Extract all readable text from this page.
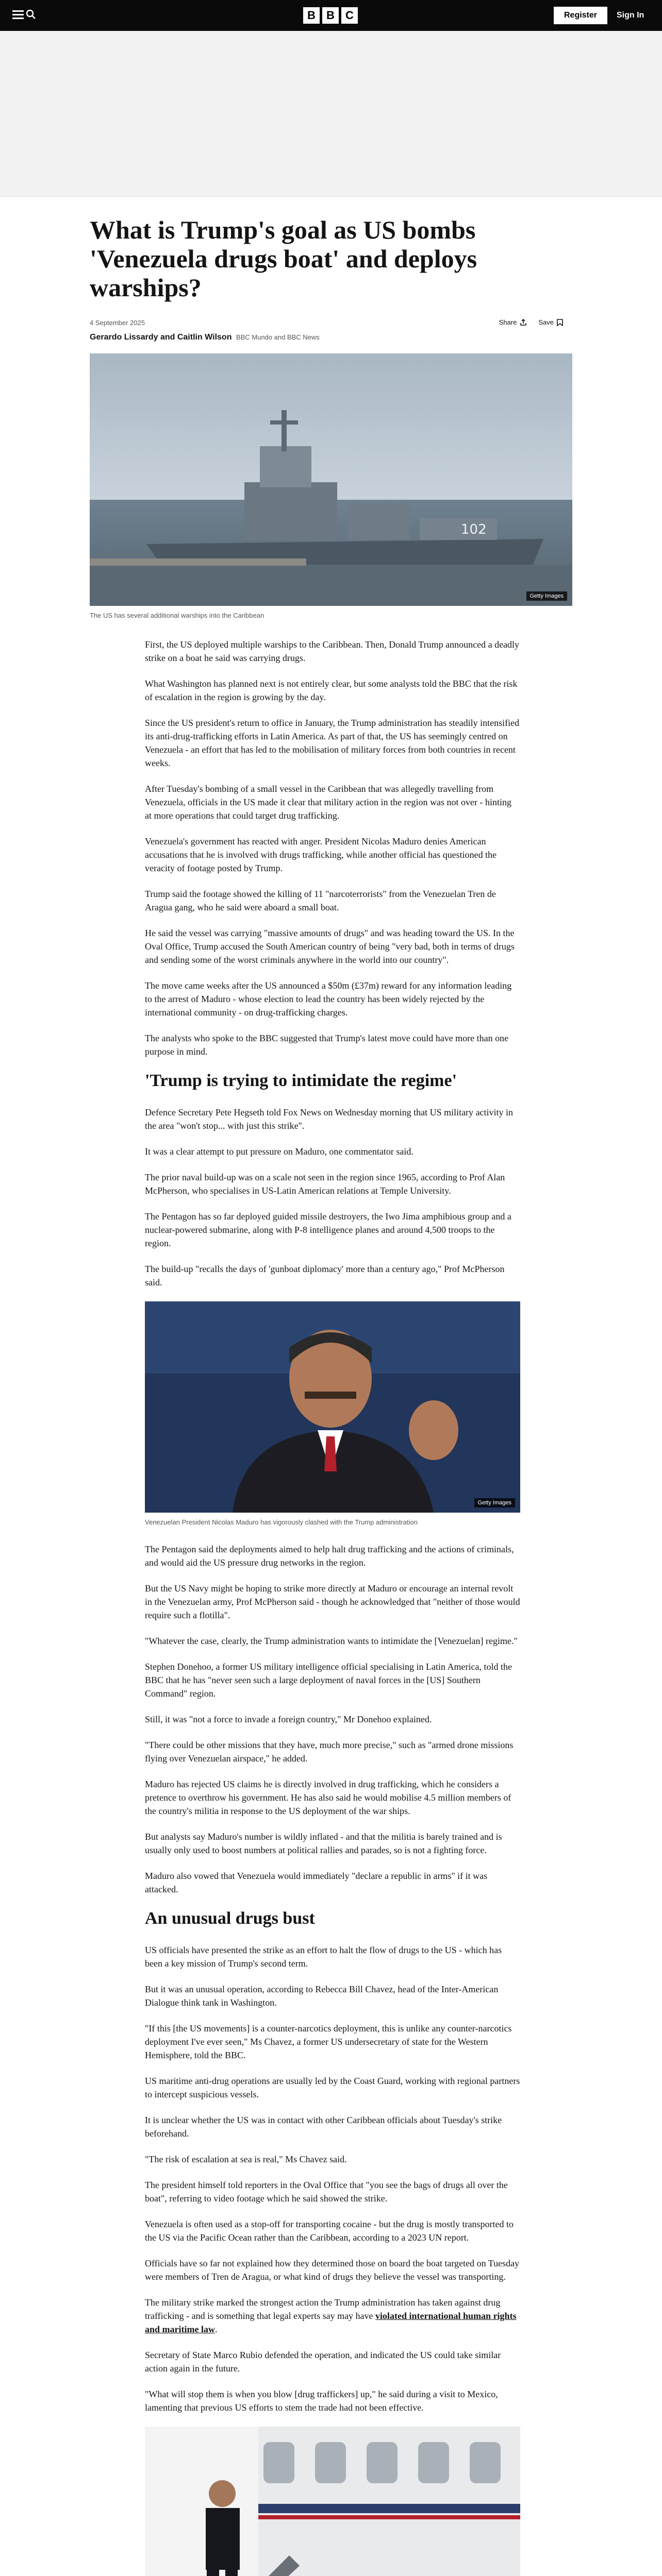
B B C	Register	Sign In
What is Trump's goal as US bombs 'Venezuela drugs boat' and deploys warships?
4 September 2025	Share	Save
Gerardo Lissardy and Caitlin Wilson BBC Mundo and BBC News
102
Getty Images
The US has several additional warships into the Caribbean

First, the US deployed multiple warships to the Caribbean. Then, Donald Trump announced a deadly strike on a boat he said was carrying drugs.

What Washington has planned next is not entirely clear, but some analysts told the BBC that the risk of escalation in the region is growing by the day.

Since the US president's return to office in January, the Trump administration has steadily intensified its anti-drug-trafficking efforts in Latin America. As part of that, the US has seemingly centred on Venezuela - an effort that has led to the mobilisation of military forces from both countries in recent weeks.

After Tuesday's bombing of a small vessel in the Caribbean that was allegedly travelling from Venezuela, officials in the US made it clear that military action in the region was not over - hinting at more operations that could target drug trafficking.

Venezuela's government has reacted with anger. President Nicolas Maduro denies American accusations that he is involved with drugs trafficking, while another official has questioned the veracity of footage posted by Trump.

Trump said the footage showed the killing of 11 "narcoterrorists" from the Venezuelan Tren de Aragua gang, who he said were aboard a small boat.

He said the vessel was carrying "massive amounts of drugs" and was heading toward the US. In the Oval Office, Trump accused the South American country of being "very bad, both in terms of drugs and sending some of the worst criminals anywhere in the world into our country".

The move came weeks after the US announced a $50m (£37m) reward for any information leading to the arrest of Maduro - whose election to lead the country has been widely rejected by the international community - on drug-trafficking charges.

The analysts who spoke to the BBC suggested that Trump's latest move could have more than one purpose in mind.

'Trump is trying to intimidate the regime'

Defence Secretary Pete Hegseth told Fox News on Wednesday morning that US military activity in the area "won't stop... with just this strike".

It was a clear attempt to put pressure on Maduro, one commentator said.

The prior naval build-up was on a scale not seen in the region since 1965, according to Prof Alan McPherson, who specialises in US-Latin American relations at Temple University.

The Pentagon has so far deployed guided missile destroyers, the Iwo Jima amphibious group and a nuclear-powered submarine, along with P-8 intelligence planes and around 4,500 troops to the region.

The build-up "recalls the days of 'gunboat diplomacy' more than a century ago," Prof McPherson said.

Getty Images
Venezuelan President Nicolas Maduro has vigorously clashed with the Trump administration

The Pentagon said the deployments aimed to help halt drug trafficking and the actions of criminals, and would aid the US pressure drug networks in the region.

But the US Navy might be hoping to strike more directly at Maduro or encourage an internal revolt in the Venezuelan army, Prof McPherson said - though he acknowledged that "neither of those would require such a flotilla".

"Whatever the case, clearly, the Trump administration wants to intimidate the [Venezuelan] regime."

Stephen Donehoo, a former US military intelligence official specialising in Latin America, told the BBC that he has "never seen such a large deployment of naval forces in the [US] Southern Command" region.

Still, it was "not a force to invade a foreign country," Mr Donehoo explained.

"There could be other missions that they have, much more precise," such as "armed drone missions flying over Venezuelan airspace," he added.

Maduro has rejected US claims he is directly involved in drug trafficking, which he considers a pretence to overthrow his government. He has also said he would mobilise 4.5 million members of the country's militia in response to the US deployment of the war ships.

But analysts say Maduro's number is wildly inflated - and that the militia is barely trained and is usually only used to boost numbers at political rallies and parades, so is not a fighting force.

Maduro also vowed that Venezuela would immediately "declare a republic in arms" if it was attacked.

An unusual drugs bust

US officials have presented the strike as an effort to halt the flow of drugs to the US - which has been a key mission of Trump's second term.

But it was an unusual operation, according to Rebecca Bill Chavez, head of the Inter-American Dialogue think tank in Washington.

"If this [the US movements] is a counter-narcotics deployment, this is unlike any counter-narcotics deployment I've ever seen," Ms Chavez, a former US undersecretary of state for the Western Hemisphere, told the BBC.

US maritime anti-drug operations are usually led by the Coast Guard, working with regional partners to intercept suspicious vessels.

It is unclear whether the US was in contact with other Caribbean officials about Tuesday's strike beforehand.

"The risk of escalation at sea is real," Ms Chavez said.

The president himself told reporters in the Oval Office that "you see the bags of drugs all over the boat", referring to video footage which he said showed the strike.

Venezuela is often used as a stop-off for transporting cocaine - but the drug is mostly transported to the US via the Pacific Ocean rather than the Caribbean, according to a 2023 UN report.

Officials have so far not explained how they determined those on board the boat targeted on Tuesday were members of Tren de Aragua, or what kind of drugs they believe the vessel was transporting.

The military strike marked the strongest action the Trump administration has taken against drug trafficking - and is something that legal experts say may have violated international human rights and maritime law.

Secretary of State Marco Rubio defended the operation, and indicated the US could take similar action again in the future.

"What will stop them is when you blow [drug traffickers] up," he said during a visit to Mexico, lamenting that previous US efforts to stem the trade had not been effective.
